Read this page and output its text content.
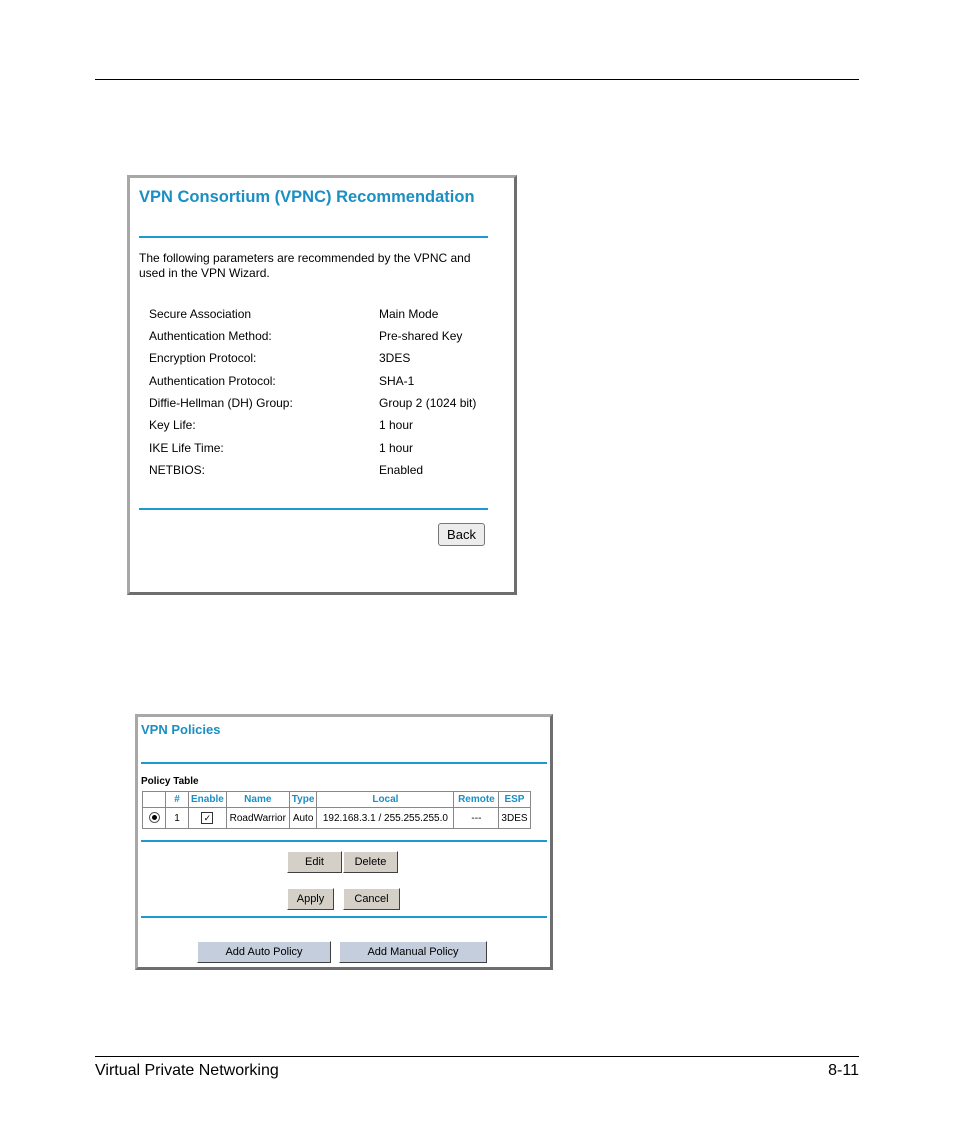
VPN Consortium (VPNC) Recommendation
The following parameters are recommended by the VPNC and used in the VPN Wizard.
Secure Association	Main Mode
Authentication Method:	Pre-shared Key
Encryption Protocol:	3DES
Authentication Protocol:	SHA-1
Diffie-Hellman (DH) Group:	Group 2 (1024 bit)
Key Life:	1 hour
IKE Life Time:	1 hour
NETBIOS:	Enabled
Back
VPN Policies
Policy Table
	#	Enable	Name	Type	Local	Remote	ESP
	1	✓	RoadWarrior	Auto	192.168.3.1 / 255.255.255.0	---	3DES
Edit	Delete
Apply	Cancel
Add Auto Policy	Add Manual Policy
Virtual Private Networking	8-11
